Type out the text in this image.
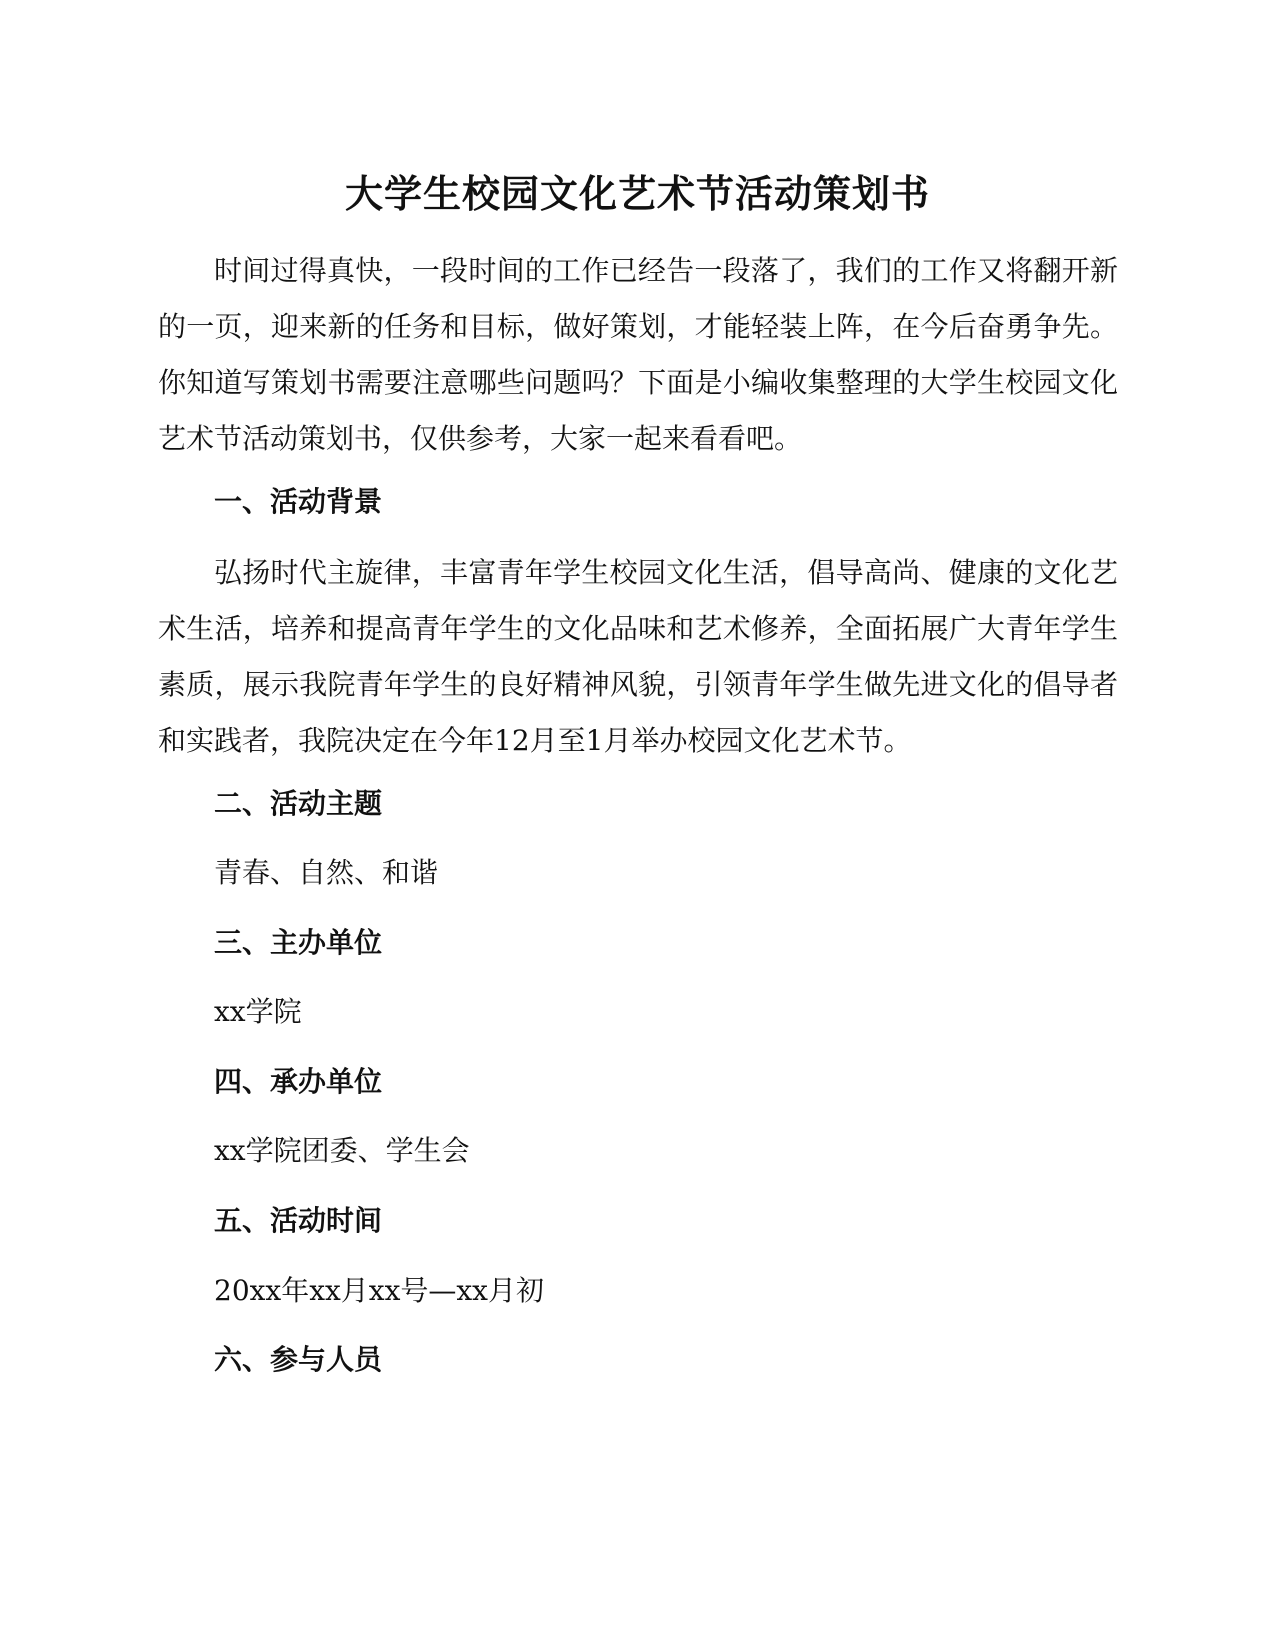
大学生校园文化艺术节活动策划书

时间过得真快，一段时间的工作已经告一段落了，我们的工作又将翻开新的一页，迎来新的任务和目标，做好策划，才能轻装上阵，在今后奋勇争先。你知道写策划书需要注意哪些问题吗？下面是小编收集整理的大学生校园文化艺术节活动策划书，仅供参考，大家一起来看看吧。

一、活动背景

弘扬时代主旋律，丰富青年学生校园文化生活，倡导高尚、健康的文化艺术生活，培养和提高青年学生的文化品味和艺术修养，全面拓展广大青年学生素质，展示我院青年学生的良好精神风貌，引领青年学生做先进文化的倡导者和实践者，我院决定在今年12月至1月举办校园文化艺术节。

二、活动主题

青春、自然、和谐

三、主办单位

xx学院

四、承办单位

xx学院团委、学生会

五、活动时间

20xx年xx月xx号—xx月初

六、参与人员
